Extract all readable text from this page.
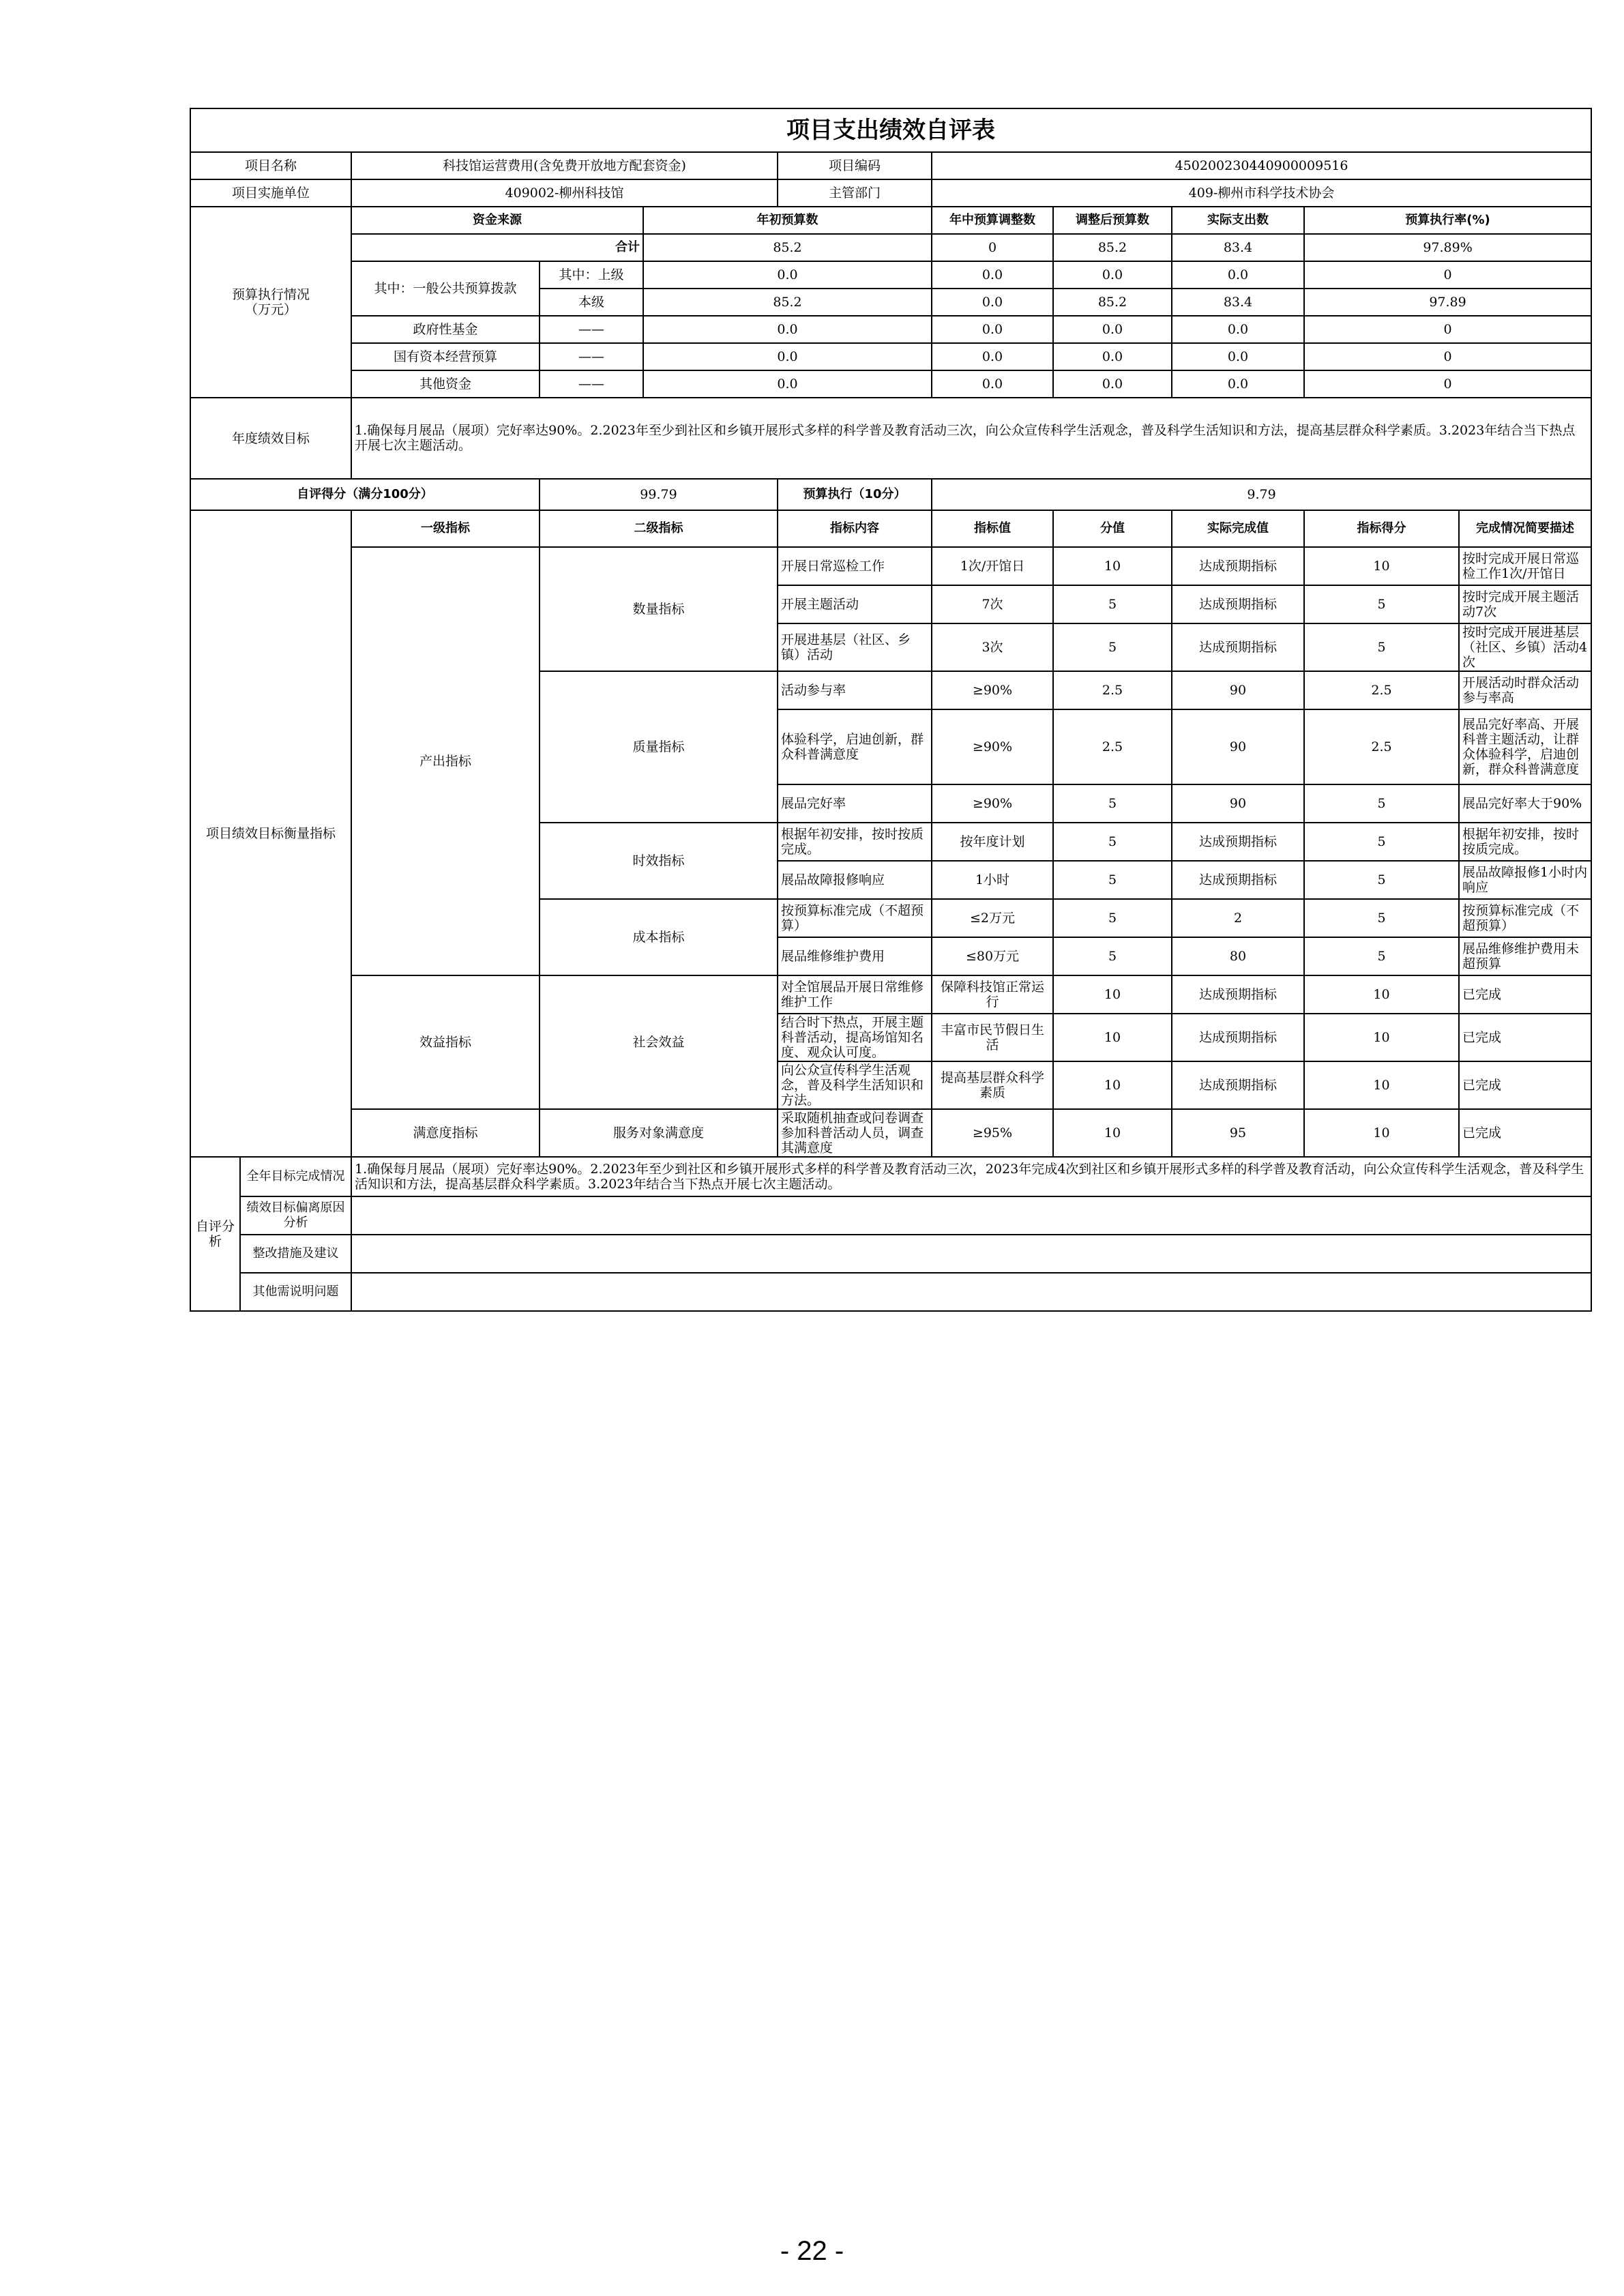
项目支出绩效自评表											
项目名称		科技馆运营费用(含免费开放地方配套资金)			项目编码	450200230440900009516					
项目实施单位		409002-柳州科技馆			主管部门	409-柳州市科学技术协会					
预算执行情况
（万元）		资金来源		年初预算数		年中预算调整数	调整后预算数	实际支出数	预算执行率(%)		
		合计		85.2		0	85.2	83.4	97.89%		
		其中：一般公共预算拨款	其中：上级	0.0		0.0	0.0	0.0	0		
			本级	85.2		0.0	85.2	83.4	97.89		
		政府性基金	——	0.0		0.0	0.0	0.0	0		
		国有资本经营预算	——	0.0		0.0	0.0	0.0	0		
		其他资金	——	0.0		0.0	0.0	0.0	0		
年度绩效目标		1.确保每月展品（展项）完好率达90%。2.2023年至少到社区和乡镇开展形式多样的科学普及教育活动三次，向公众宣传科学生活观念，普及科学生活知识和方法，提高基层群众科学素质。3.2023年结合当下热点开展七次主题活动。									
自评得分（满分100分）			99.79		预算执行（10分）	9.79					
项目绩效目标衡量指标		一级指标	二级指标		指标内容	指标值	分值	实际完成值	指标得分	完成情况简要描述	
		产出指标	数量指标		开展日常巡检工作	1次/开馆日	10	达成预期指标	10	按时完成开展日常巡检工作1次/开馆日	
					开展主题活动	7次	5	达成预期指标	5	按时完成开展主题活动7次	
					开展进基层（社区、乡镇）活动	3次	5	达成预期指标	5	按时完成开展进基层（社区、乡镇）活动4次	
			质量指标		活动参与率	≥90%	2.5	90	2.5	开展活动时群众活动参与率高	
					体验科学，启迪创新，群众科普满意度	≥90%	2.5	90	2.5	展品完好率高、开展科普主题活动，让群众体验科学，启迪创新，群众科普满意度	
					展品完好率	≥90%	5	90	5	展品完好率大于90%	
			时效指标		根据年初安排，按时按质完成。	按年度计划	5	达成预期指标	5	根据年初安排，按时按质完成。	
					展品故障报修响应	1小时	5	达成预期指标	5	展品故障报修1小时内响应	
			成本指标		按预算标准完成（不超预算）	≤2万元	5	2	5	按预算标准完成（不超预算）	
					展品维修维护费用	≤80万元	5	80	5	展品维修维护费用未超预算	
		效益指标	社会效益		对全馆展品开展日常维修维护工作	保障科技馆正常运行	10	达成预期指标	10	已完成	
					结合时下热点，开展主题科普活动，提高场馆知名度、观众认可度。	丰富市民节假日生活	10	达成预期指标	10	已完成	
					向公众宣传科学生活观念，普及科学生活知识和方法。	提高基层群众科学素质	10	达成预期指标	10	已完成	
		满意度指标	服务对象满意度		采取随机抽查或问卷调查参加科普活动人员，调查其满意度	≥95%	10	95	10	已完成	
自评分析	全年目标完成情况	1.确保每月展品（展项）完好率达90%。2.2023年至少到社区和乡镇开展形式多样的科学普及教育活动三次，2023年完成4次到社区和乡镇开展形式多样的科学普及教育活动，向公众宣传科学生活观念，普及科学生活知识和方法，提高基层群众科学素质。3.2023年结合当下热点开展七次主题活动。									
	绩效目标偏离原因分析										
	整改措施及建议										
	其他需说明问题										
- 22 -
